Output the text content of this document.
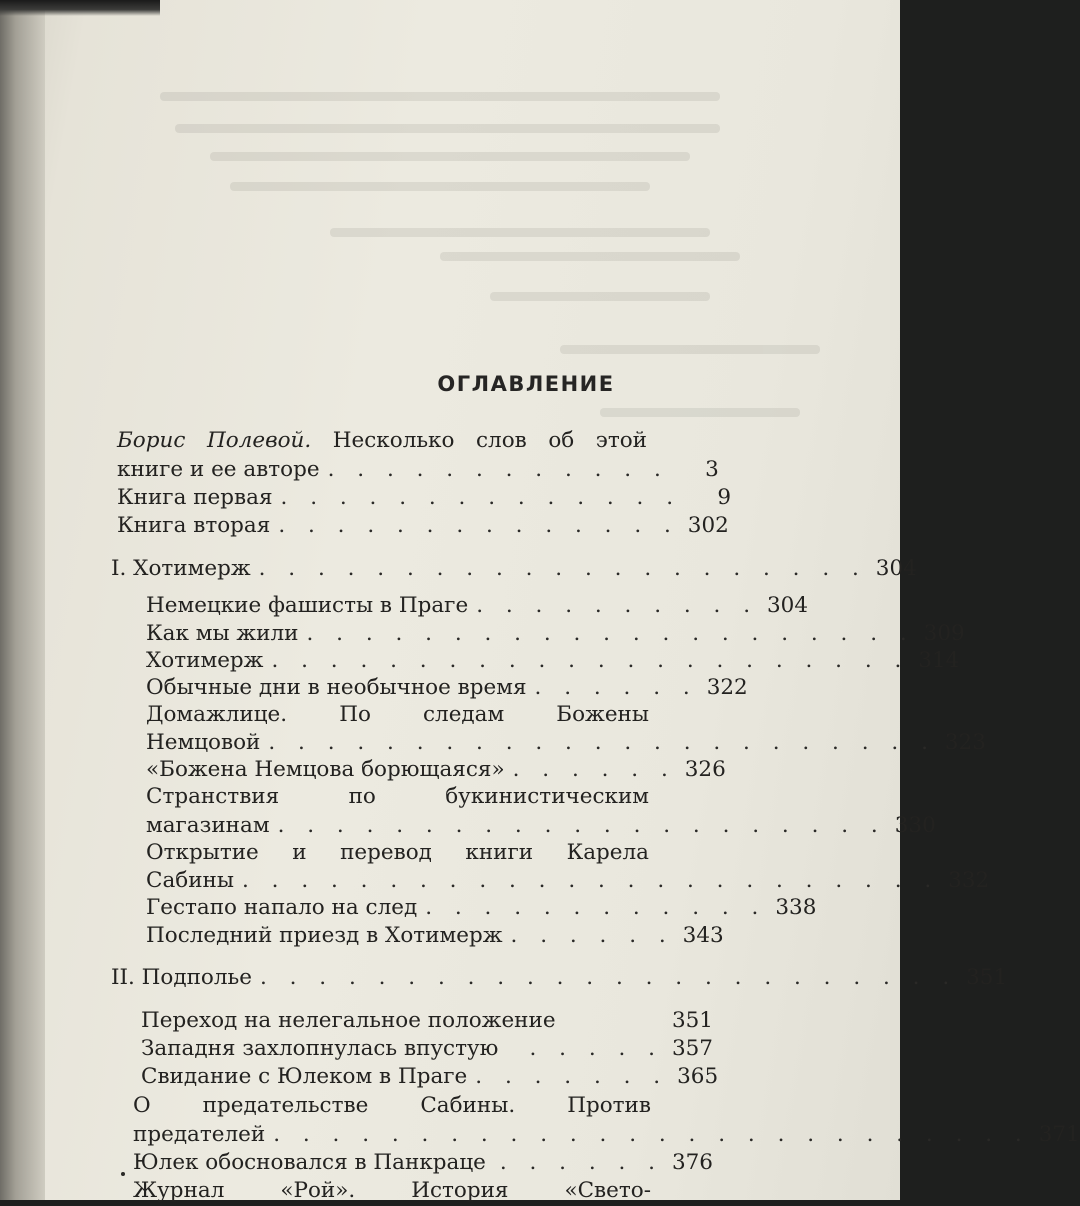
ОГЛАВЛЕНИЕ
Борис Полевой. Несколько слов об этой
книге и ее авторе . . . . . . . . . . . .	3
Книга первая . . . . . . . . . . . . . .	9
Книга вторая . . . . . . . . . . . . . . 302
I. Хотимерж . . . . . . . . . . . . . . . . . . . . . 304
Немецкие фашисты в Праге . . . . . . . . . . 304
Как мы жили . . . . . . . . . . . . . . . . . . . . . 309
Хотимерж . . . . . . . . . . . . . . . . . . . . . . 314
Обычные дни в необычное время . . . . . . 322
Домажлице. По следам Божены
Немцовой . . . . . . . . . . . . . . . . . . . . . . . 323
«Божена Немцова борющаяся» . . . . . . 326
Странствия по букинистическим
магазинам . . . . . . . . . . . . . . . . . . . . . 330
Открытие и перевод книги Карела
Сабины . . . . . . . . . . . . . . . . . . . . . . . . 332
Гестапо напало на след . . . . . . . . . . . . 338
Последний приезд в Хотимерж . . . . . . 343
II. Подполье . . . . . . . . . . . . . . . . . . . . . . . . 351
Переход на нелегальное положение	351
Западня захлопнулась впустую	. . . . . 357
Свидание с Юлеком в Праге . . . . . . . 365
О предательстве Сабины. Против
предателей . . . . . . . . . . . . . . . . . . . . . . . . . . 371
Юлек обосновался в Панкраце . . . . . . 376
Журнал «Рой». История «Свето-
